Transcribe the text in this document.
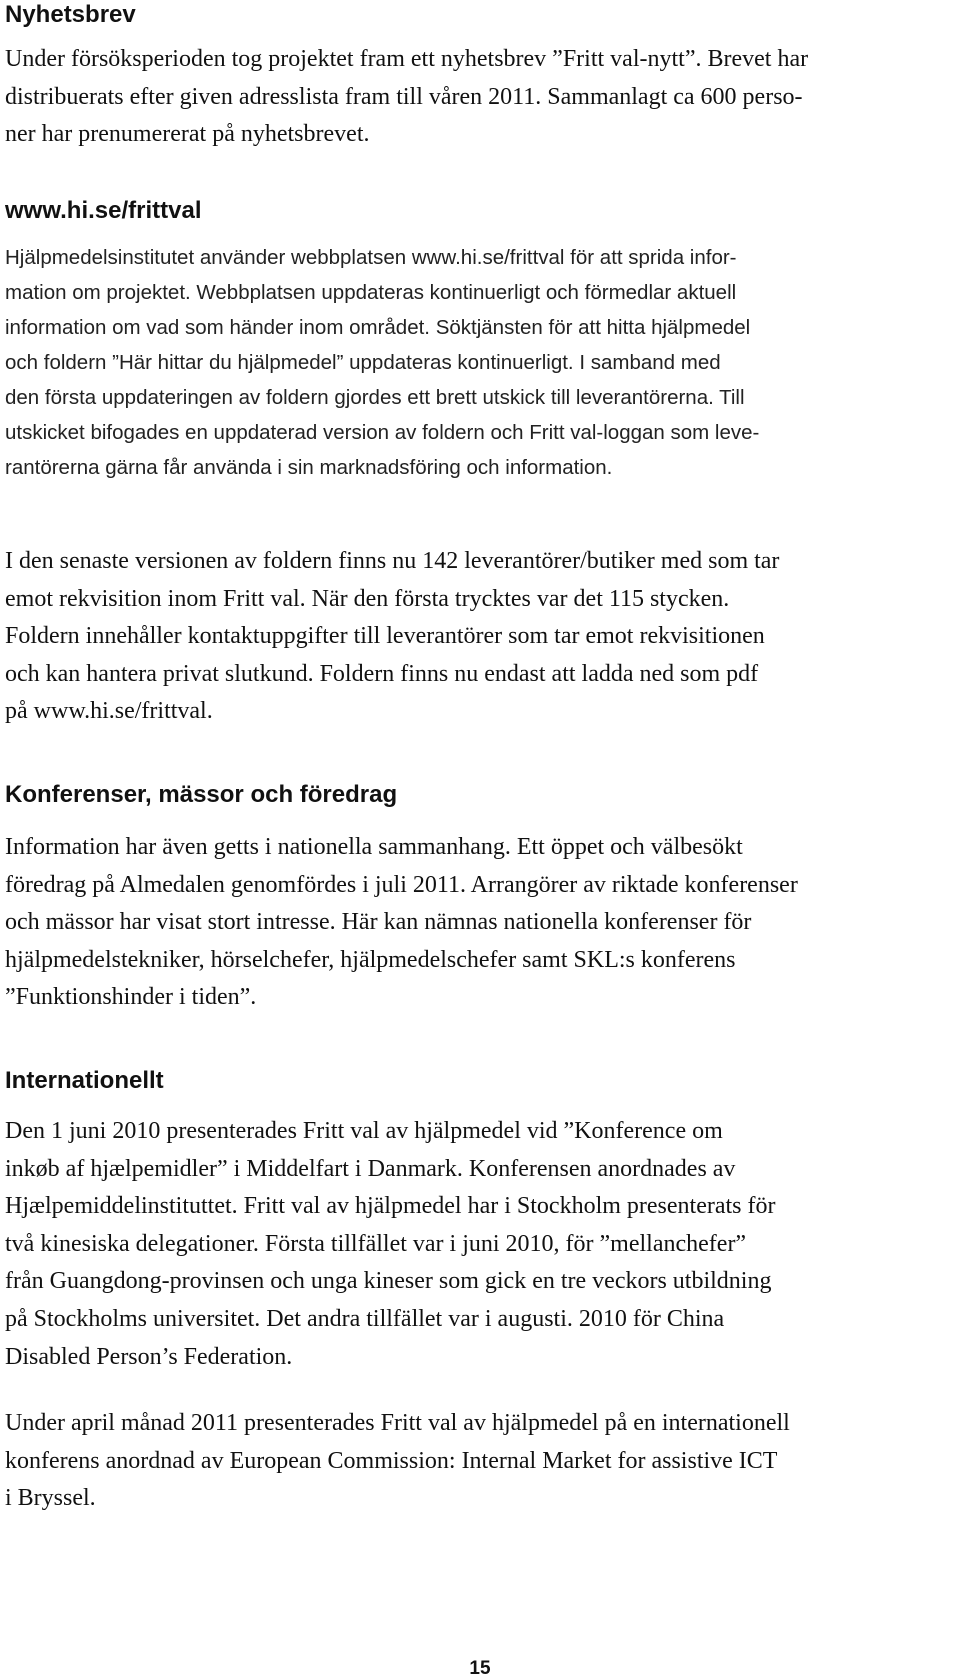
Nyhetsbrev
Under försöksperioden tog projektet fram ett nyhetsbrev ”Fritt val-nytt”. Brevet har
distribuerats efter given adresslista fram till våren 2011. Sammanlagt ca 600 perso-
ner har prenumererat på nyhetsbrevet.
www.hi.se/frittval
Hjälpmedelsinstitutet använder webbplatsen www.hi.se/frittval för att sprida infor-
mation om projektet. Webbplatsen uppdateras kontinuerligt och förmedlar aktuell
information om vad som händer inom området. Söktjänsten för att hitta hjälpmedel
och foldern ”Här hittar du hjälpmedel” uppdateras kontinuerligt. I samband med
den första uppdateringen av foldern gjordes ett brett utskick till leverantörerna. Till
utskicket bifogades en uppdaterad version av foldern och Fritt val-loggan som leve-
rantörerna gärna får använda i sin marknadsföring och information.
I den senaste versionen av foldern finns nu 142 leverantörer/butiker med som tar
emot rekvisition inom Fritt val. När den första trycktes var det 115 stycken.
Foldern innehåller kontaktuppgifter till leverantörer som tar emot rekvisitionen
och kan hantera privat slutkund. Foldern finns nu endast att ladda ned som pdf
på www.hi.se/frittval.
Konferenser, mässor och föredrag
Information har även getts i nationella sammanhang. Ett öppet och välbesökt
föredrag på Almedalen genomfördes i juli 2011. Arrangörer av riktade konferenser
och mässor har visat stort intresse. Här kan nämnas nationella konferenser för
hjälpmedelstekniker, hörselchefer, hjälpmedelschefer samt SKL:s konferens
”Funktionshinder i tiden”.
Internationellt
Den 1 juni 2010 presenterades Fritt val av hjälpmedel vid ”Konference om
inkøb af hjælpemidler” i Middelfart i Danmark. Konferensen anordnades av
Hjælpemiddelinstituttet. Fritt val av hjälpmedel har i Stockholm presenterats för
två kinesiska delegationer. Första tillfället var i juni 2010, för ”mellanchefer”
från Guangdong-provinsen och unga kineser som gick en tre veckors utbildning
på Stockholms universitet. Det andra tillfället var i augusti. 2010 för China
Disabled Person’s Federation.
Under april månad 2011 presenterades Fritt val av hjälpmedel på en internationell
konferens anordnad av European Commission: Internal Market for assistive ICT
i Bryssel.
15
